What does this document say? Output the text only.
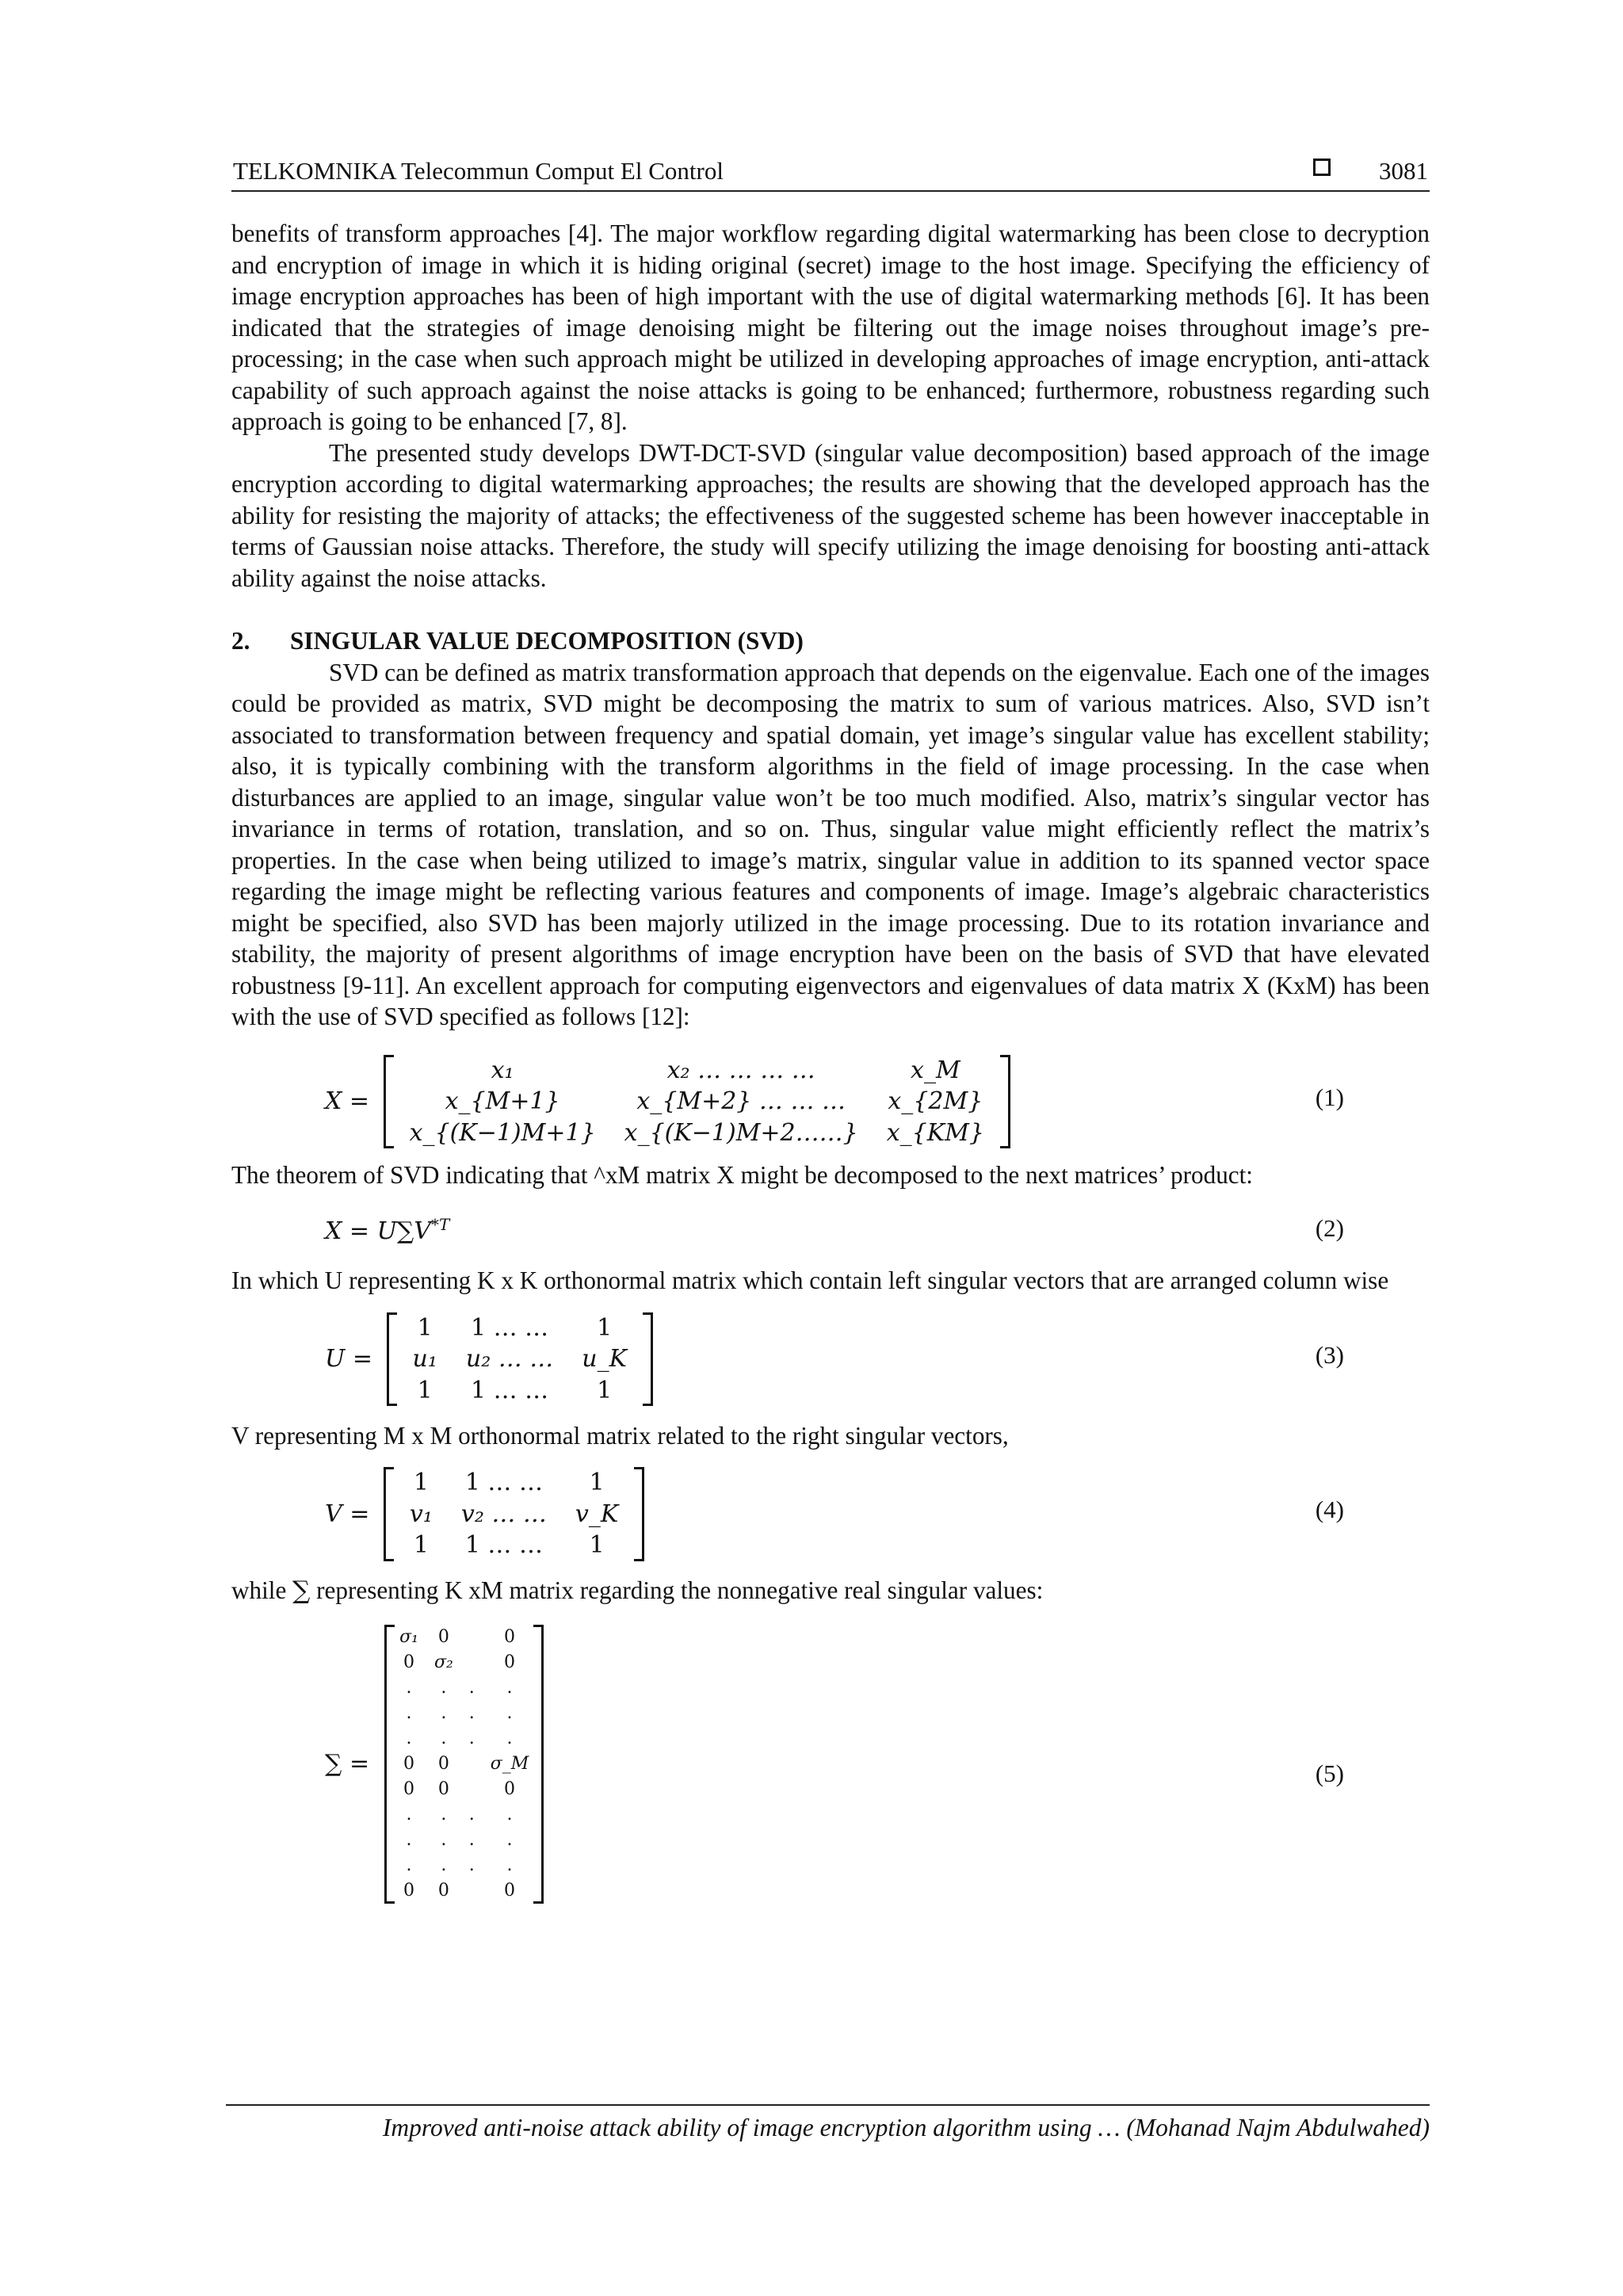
TELKOMNIKA Telecommun Comput El Control	3081

benefits of transform approaches [4]. The major workflow regarding digital watermarking has been close to decryption and encryption of image in which it is hiding original (secret) image to the host image. Specifying the efficiency of image encryption approaches has been of high important with the use of digital watermarking methods [6]. It has been indicated that the strategies of image denoising might be filtering out the image noises throughout image’s pre-processing; in the case when such approach might be utilized in developing approaches of image encryption, anti-attack capability of such approach against the noise attacks is going to be enhanced; furthermore, robustness regarding such approach is going to be enhanced [7, 8].

The presented study develops DWT-DCT-SVD (singular value decomposition) based approach of the image encryption according to digital watermarking approaches; the results are showing that the developed approach has the ability for resisting the majority of attacks; the effectiveness of the suggested scheme has been however inacceptable in terms of Gaussian noise attacks. Therefore, the study will specify utilizing the image denoising for boosting anti-attack ability against the noise attacks.

2. SINGULAR VALUE DECOMPOSITION (SVD)

SVD can be defined as matrix transformation approach that depends on the eigenvalue. Each one of the images could be provided as matrix, SVD might be decomposing the matrix to sum of various matrices. Also, SVD isn’t associated to transformation between frequency and spatial domain, yet image’s singular value has excellent stability; also, it is typically combining with the transform algorithms in the field of image processing. In the case when disturbances are applied to an image, singular value won’t be too much modified. Also, matrix’s singular vector has invariance in terms of rotation, translation, and so on. Thus, singular value might efficiently reflect the matrix’s properties. In the case when being utilized to image’s matrix, singular value in addition to its spanned vector space regarding the image might be reflecting various features and components of image. Image’s algebraic characteristics might be specified, also SVD has been majorly utilized in the image processing. Due to its rotation invariance and stability, the majority of present algorithms of image encryption have been on the basis of SVD that have elevated robustness [9-11]. An excellent approach for computing eigenvectors and eigenvalues of data matrix X (KxM) has been with the use of SVD specified as follows [12]:

X =
x₁	x₂ … … … …	x_M
x_{M+1}	x_{M+2} … … …	x_{2M}
x_{(K−1)M+1}	x_{(K−1)M+2……}	x_{KM}
(1)

The theorem of SVD indicating that ^xM matrix X might be decomposed to the next matrices’ product:

$X = U\sum V^{*T}$	(2)

In which U representing K x K orthonormal matrix which contain left singular vectors that are arranged column wise

U =
1	1 … …	1
u₁	u₂ … …	u_K
1	1 … …	1
(3)

V representing M x M orthonormal matrix related to the right singular vectors,

V =
1	1 … …	1
v₁	v₂ … …	v_K
1	1 … …	1
(4)

while ∑ representing K xM matrix regarding the nonnegative real singular values:

∑ =
σ₁	0		0
0	σ₂		0
.	.	.	.
.	.	.	.
.	.	.	.
0	0		σ_M
0	0		0
.	.	.	.
.	.	.	.
.	.	.	.
0	0		0
(5)
Improved anti-noise attack ability of image encryption algorithm using … (Mohanad Najm Abdulwahed)
